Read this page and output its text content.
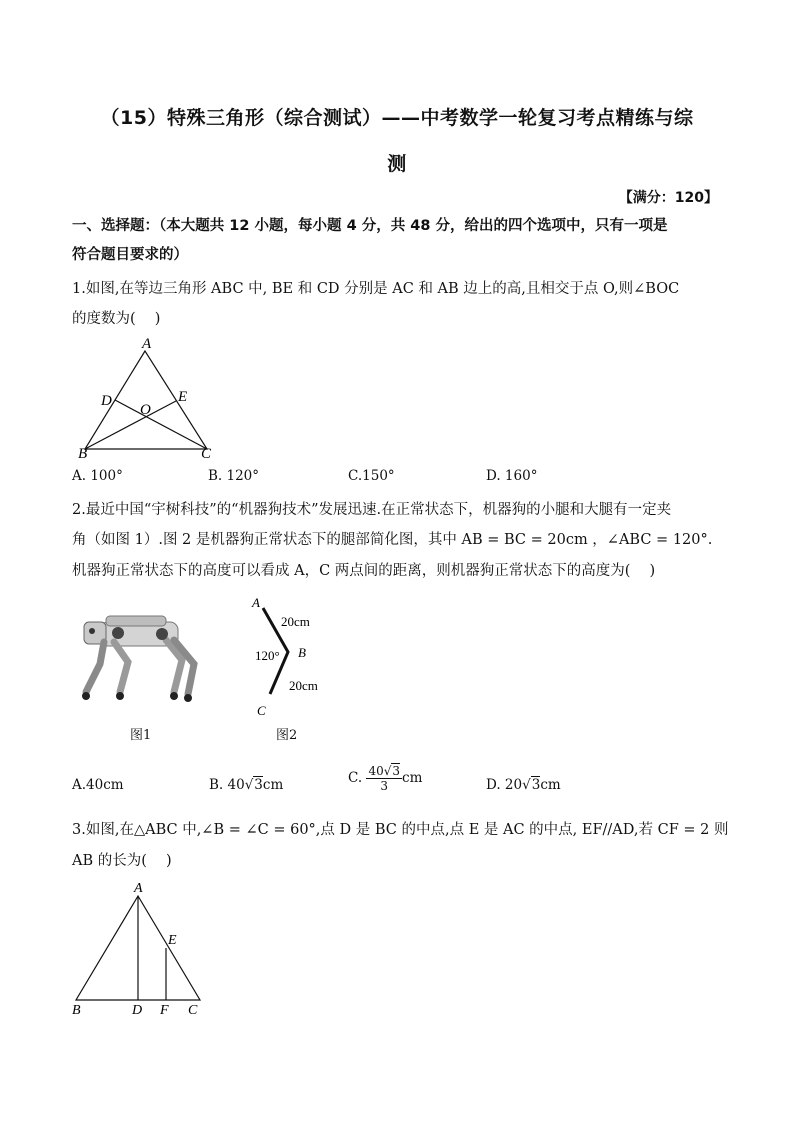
（15）特殊三角形（综合测试）——中考数学一轮复习考点精练与综
测
【满分：120】
一、选择题：（本大题共 12 小题，每小题 4 分，共 48 分，给出的四个选项中，只有一项是
符合题目要求的）
1.如图,在等边三角形 ABC 中, BE 和 CD 分别是 AC 和 AB 边上的高,且相交于点 O,则∠BOC
的度数为(　 )
A
B	C
D	E
O
A. 100°	B. 120°	C.150°	D. 160°
2.最近中国“宇树科技”的“机器狗技术”发展迅速.在正常状态下，机器狗的小腿和大腿有一定夹
角（如图 1）.图 2 是机器狗正常状态下的腿部简化图，其中 AB = BC = 20cm ，∠ABC = 120°.
机器狗正常状态下的高度可以看成 A，C 两点间的距离，则机器狗正常状态下的高度为(　 )
图1
A
B
C
20cm
20cm
120°
图2
A.40cm	B. 40√3cm	C. $\frac{40√3}{3}$ cm	D. 20√3cm
3.如图,在△ABC 中,∠B = ∠C = 60°,点 D 是 BC 的中点,点 E 是 AC 的中点, EF//AD,若 CF = 2 则
AB 的长为(　 )
A
B	D F C
E
